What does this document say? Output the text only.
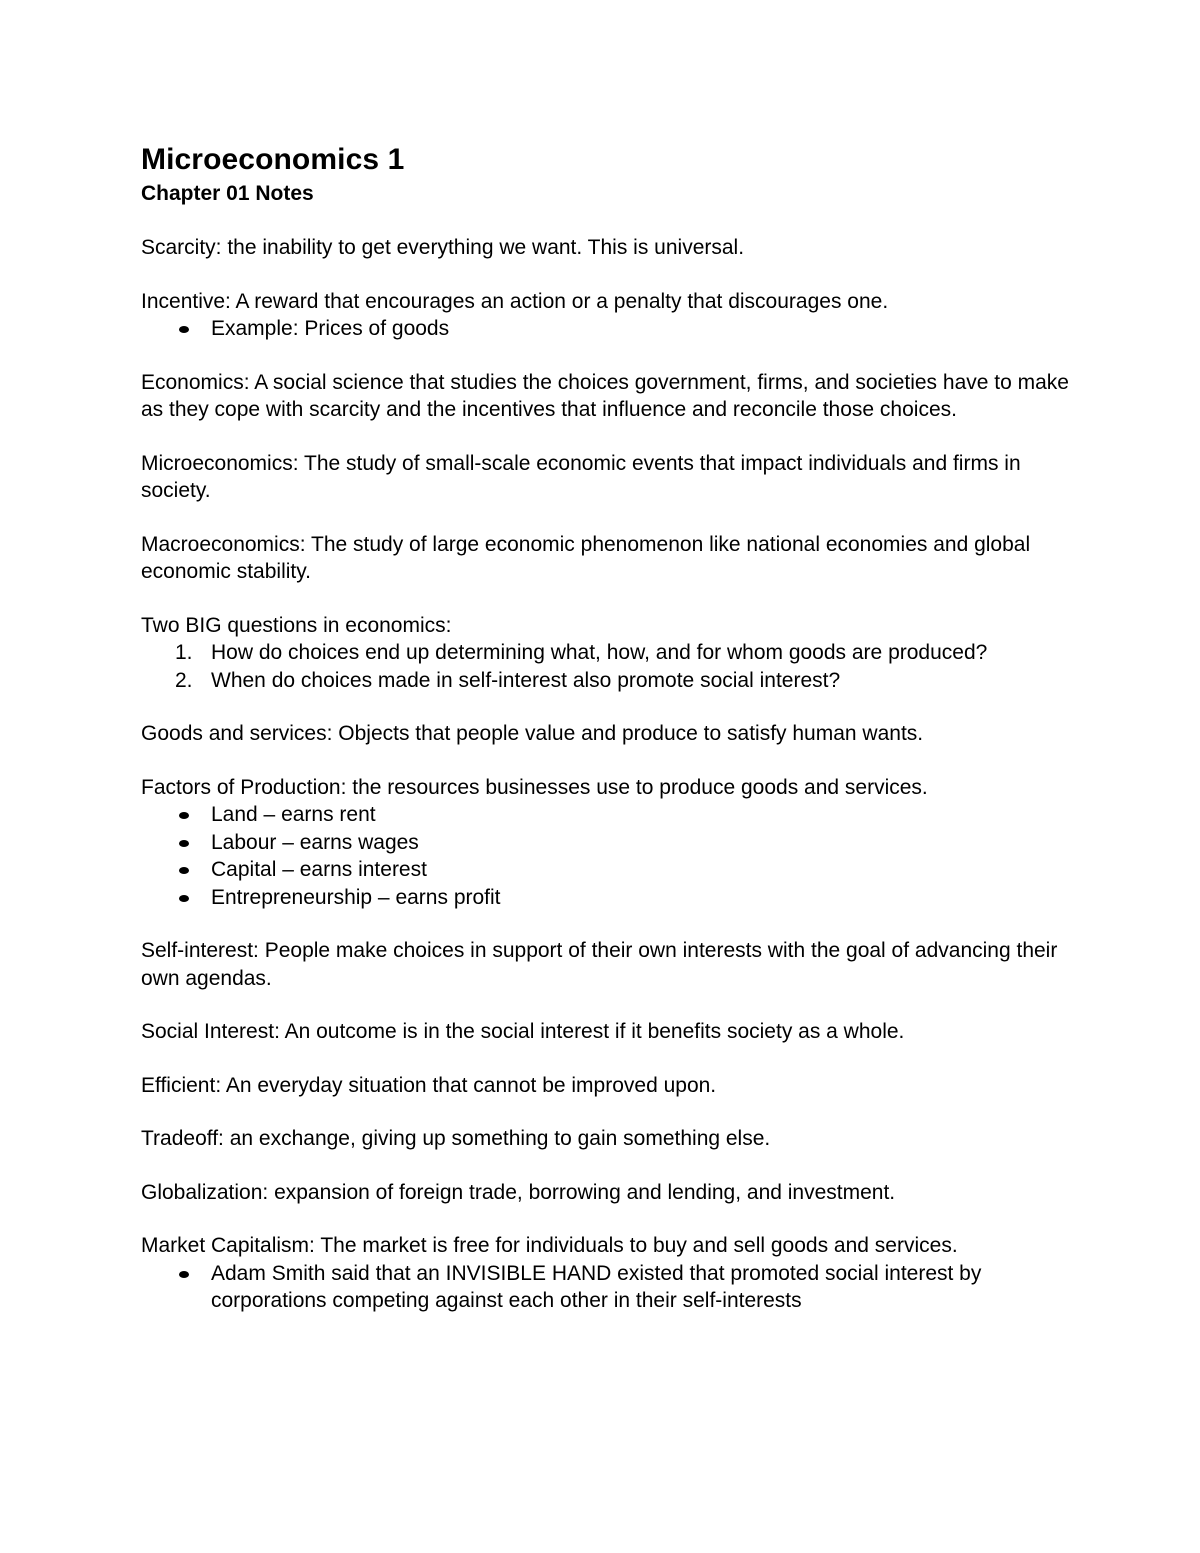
Microeconomics 1
Chapter 01 Notes

Scarcity: the inability to get everything we want. This is universal.

Incentive: A reward that encourages an action or a penalty that discourages one.

Example: Prices of goods

Economics: A social science that studies the choices government, firms, and societies have to make as they cope with scarcity and the incentives that influence and reconcile those choices.

Microeconomics: The study of small-scale economic events that impact individuals and firms in society.

Macroeconomics: The study of large economic phenomenon like national economies and global economic stability.

Two BIG questions in economics:

1. How do choices end up determining what, how, and for whom goods are produced?
2. When do choices made in self-interest also promote social interest?

Goods and services: Objects that people value and produce to satisfy human wants.

Factors of Production: the resources businesses use to produce goods and services.

Land – earns rent
Labour – earns wages
Capital – earns interest
Entrepreneurship – earns profit

Self-interest: People make choices in support of their own interests with the goal of advancing their own agendas.

Social Interest: An outcome is in the social interest if it benefits society as a whole.

Efficient: An everyday situation that cannot be improved upon.

Tradeoff: an exchange, giving up something to gain something else.

Globalization: expansion of foreign trade, borrowing and lending, and investment.

Market Capitalism: The market is free for individuals to buy and sell goods and services.

Adam Smith said that an INVISIBLE HAND existed that promoted social interest by corporations competing against each other in their self-interests
